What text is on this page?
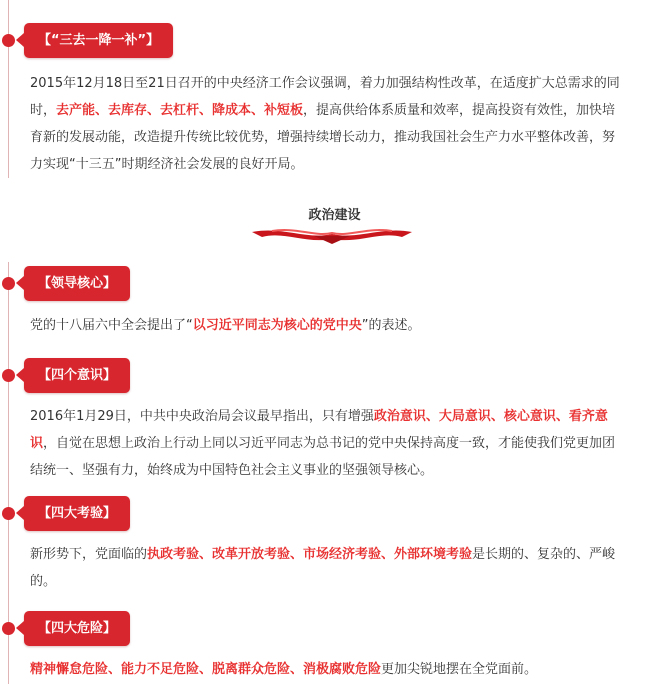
【“三去一降一补”】
2015年12月18日至21日召开的中央经济工作会议强调，着力加强结构性改革，在适度扩大总需求的同
时，去产能、去库存、去杠杆、降成本、补短板，提高供给体系质量和效率，提高投资有效性，加快培
育新的发展动能，改造提升传统比较优势，增强持续增长动力，推动我国社会生产力水平整体改善，努
力实现“十三五”时期经济社会发展的良好开局。
政治建设
【领导核心】
党的十八届六中全会提出了“以习近平同志为核心的党中央”的表述。
【四个意识】
2016年1月29日，中共中央政治局会议最早指出，只有增强政治意识、大局意识、核心意识、看齐意
识，自觉在思想上政治上行动上同以习近平同志为总书记的党中央保持高度一致，才能使我们党更加团
结统一、坚强有力，始终成为中国特色社会主义事业的坚强领导核心。
【四大考验】
新形势下，党面临的执政考验、改革开放考验、市场经济考验、外部环境考验是长期的、复杂的、严峻
的。
【四大危险】
精神懈怠危险、能力不足危险、脱离群众危险、消极腐败危险更加尖锐地摆在全党面前。
